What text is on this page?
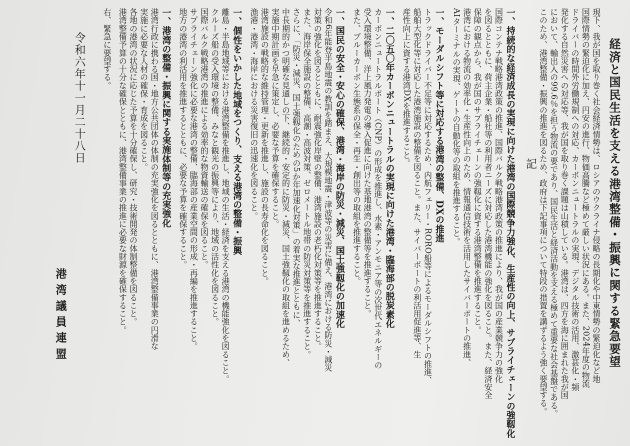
経済と国民生活を支える港湾整備・振興に関する緊急要望

現下、我が国を取り巻く社会経済情勢は、ロシアのウクライナ侵略の長期化や中東情勢の緊迫化など地

国際情勢の緊迫化に加え、円安の進行、物価高騰など極めて厳しい状況にある。また、2024年度の物流

ドライバーの時間外労働規制への対応、カーボンニュートラルの実現、デジタル技術の活用、激甚化・頻

発化する自然災害への対応等、我が国を取り巻く課題は山積している。港湾は、四方を海に囲まれた我が国

において、輸出入の99.6％を担う物流の要であり、国民生活と経済活動を支える極めて重要な社会基盤である。

このため、港湾整備・振興の推進を図るため、政府は下記事項について特段の措置を講ずるよう強く要望する。

記

一、持続的な経済成長の実現に向けた港湾の国際競争力強化、生産性の向上、サプライチェーンの強靱化

国際コンテナ戦略港湾政策の推進、国際バルク戦略港湾政策の推進により、我が国の産業競争力の強化

を図るとともに、荷主企業・船社等の利用者ニーズに対応した港湾機能の強化を図ること。また、経済安全

保障の観点から、我が国のサプライチェーンの強靱化に資する港湾整備を推進すること。

港湾における物流の効率化・生産性向上のため、情報通信技術を活用したサイバーポートの推進、

AIターミナルの実現、ゲートの自動化等の取組を推進すること。

一、モーダルシフト等に対応する港湾の整備、DXの推進

トラックドライバー不足等に対応するため、内航フェリー・RORO船等によるモーダルシフトの推進、

船舶大型化等に対応した港湾施設の整備を図ること。また、サイバーポートの利活用促進等、生

産性向上に資する港湾DXを推進すること。

一、二〇五〇年カーボンニュートラルの実現に向けた港湾・臨海部の脱炭素化

カーボンニュートラルポート（CNP）の形成を推進し、水素・アンモニア等の次世代エネルギーの

受入環境整備、洋上風力発電の導入促進に向けた基地港湾の整備等を推進すること。

また、ブルーカーボン生態系の保全・再生・創出等の取組を推進すること。

一、国民の安全・安心の確保、港湾・海岸の防災・減災、国土強靱化の加速化

令和6年能登半島地震の教訓を踏まえ、大規模地震・津波等の災害に備え、港湾における防災・減災

対策の強化を図るとともに、耐震強化岸壁の整備、港湾施設の老朽化対策等を推進すること。

また、海岸保全施設の整備、高潮・高波対策、ゼロメートル地帯の防災対策等を推進すること。

さらに、「防災・減災、国土強靱化のための5か年加速化対策」の着実な推進とともに、

中長期的かつ明確な見通しの下、継続的・安定的に防災・減災、国土強靱化の取組を進めるため、

実施中期計画を早急に策定し、必要な予算を確保すること。

港湾施設の戦略的な維持管理・更新を推進し、施設の長寿命化を図ること。

漁港・港湾・海岸における災害復旧の迅速化を図ること。

一、個性をいかした地域をつくり、支える港湾の整備・振興

離島・半島地域等における港湾整備を推進し、地域の生活・経済を支える港湾の機能強化を図ること。

クルーズ船の受入環境の整備、みなと観光の振興等により、地域の活性化を図ること。

国際バルク戦略港湾の推進による効率的な物資輸送の確保を図ること。

サプライチェーン強化に必要な港湾の整備、臨海部の産業空間の形成・再編を推進すること。

地方の港湾の利活用を推進するとともに、必要な予算を確保すること。

一、港湾の整備・振興に関する実施体制等の充実強化

港湾行政に携わる国・地方公共団体の体制の充実強化を図るとともに、港湾整備事業の円滑な

実施に必要な人材の確保・育成を図ること。

各地の港湾の状況に応じた予算を十分確保し、研究・技術開発の体制整備を図ること。

港湾整備予算の十分な確保とともに、港湾整備事業の推進に必要な財源を確保すること。

右、緊急に要望する。

令和六年十一月二十八日

港湾議員連盟
